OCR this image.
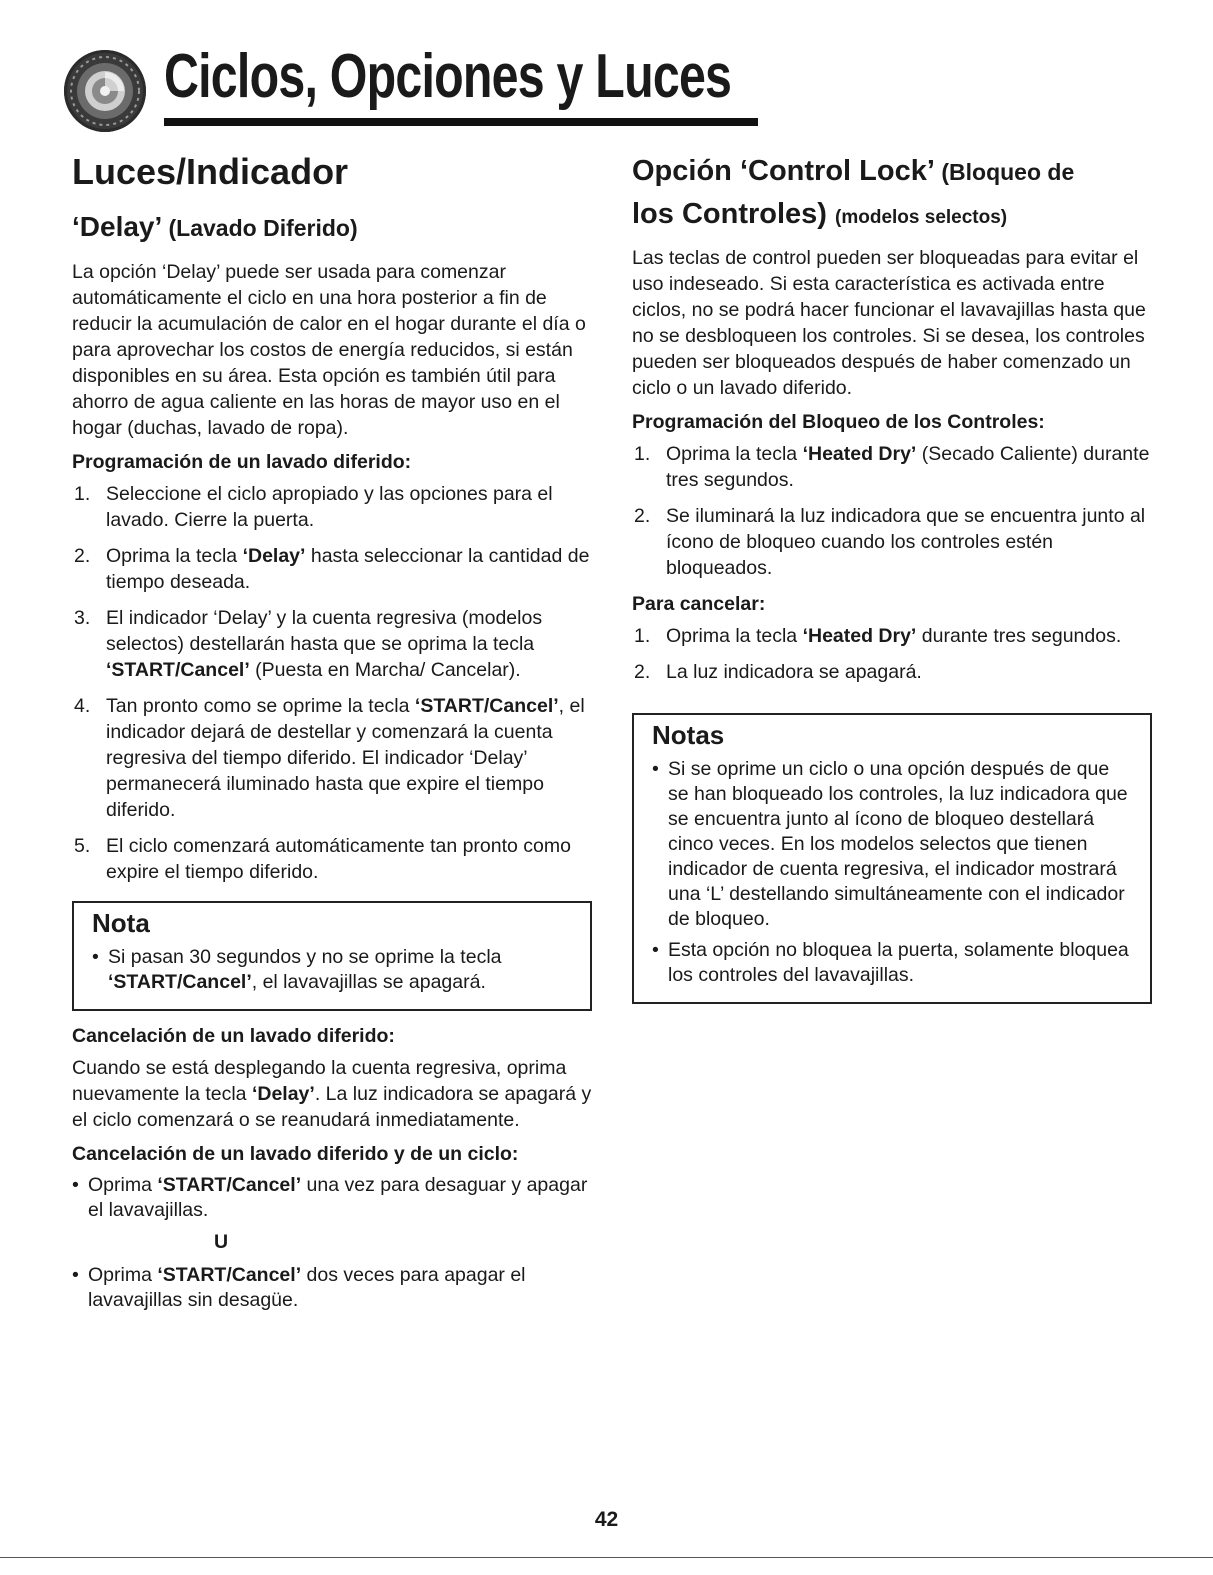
Ciclos, Opciones y Luces
Luces/Indicador
‘Delay’ (Lavado Diferido)

La opción ‘Delay’ puede ser usada para comenzar automáticamente el ciclo en una hora posterior a fin de reducir la acumulación de calor en el hogar durante el día o para aprovechar los costos de energía reducidos, si están disponibles en su área. Esta opción es también útil para ahorro de agua caliente en las horas de mayor uso en el hogar (duchas, lavado de ropa).

Programación de un lavado diferido:
1. Seleccione el ciclo apropiado y las opciones para el lavado. Cierre la puerta.
2. Oprima la tecla ‘Delay’ hasta seleccionar la cantidad de tiempo deseada.
3. El indicador ‘Delay’ y la cuenta regresiva (modelos selectos) destellarán hasta que se oprima la tecla ‘START/Cancel’ (Puesta en Marcha/ Cancelar).
4. Tan pronto como se oprime la tecla ‘START/Cancel’, el indicador dejará de destellar y comenzará la cuenta regresiva del tiempo diferido. El indicador ‘Delay’ permanecerá iluminado hasta que expire el tiempo diferido.
5. El ciclo comenzará automáticamente tan pronto como expire el tiempo diferido.
Nota
• Si pasan 30 segundos y no se oprime la tecla ‘START/Cancel’, el lavavajillas se apagará.
Cancelación de un lavado diferido:

Cuando se está desplegando la cuenta regresiva, oprima nuevamente la tecla ‘Delay’. La luz indicadora se apagará y el ciclo comenzará o se reanudará inmediatamente.

Cancelación de un lavado diferido y de un ciclo:
• Oprima ‘START/Cancel’ una vez para desaguar y apagar el lavavajillas.
U
• Oprima ‘START/Cancel’ dos veces para apagar el lavavajillas sin desagüe.
Opción ‘Control Lock’ (Bloqueo de
los Controles) (modelos selectos)

Las teclas de control pueden ser bloqueadas para evitar el uso indeseado. Si esta característica es activada entre ciclos, no se podrá hacer funcionar el lavavajillas hasta que no se desbloqueen los controles. Si se desea, los controles pueden ser bloqueados después de haber comenzado un ciclo o un lavado diferido.

Programación del Bloqueo de los Controles:
1. Oprima la tecla ‘Heated Dry’ (Secado Caliente) durante tres segundos.
2. Se iluminará la luz indicadora que se encuentra junto al ícono de bloqueo cuando los controles estén bloqueados.
Para cancelar:
1. Oprima la tecla ‘Heated Dry’ durante tres segundos.
2. La luz indicadora se apagará.
Notas
• Si se oprime un ciclo o una opción después de que se han bloqueado los controles, la luz indicadora que se encuentra junto al ícono de bloqueo destellará cinco veces. En los modelos selectos que tienen indicador de cuenta regresiva, el indicador mostrará una ‘L’ destellando simultáneamente con el indicador de bloqueo.
• Esta opción no bloquea la puerta, solamente bloquea los controles del lavavajillas.
42
